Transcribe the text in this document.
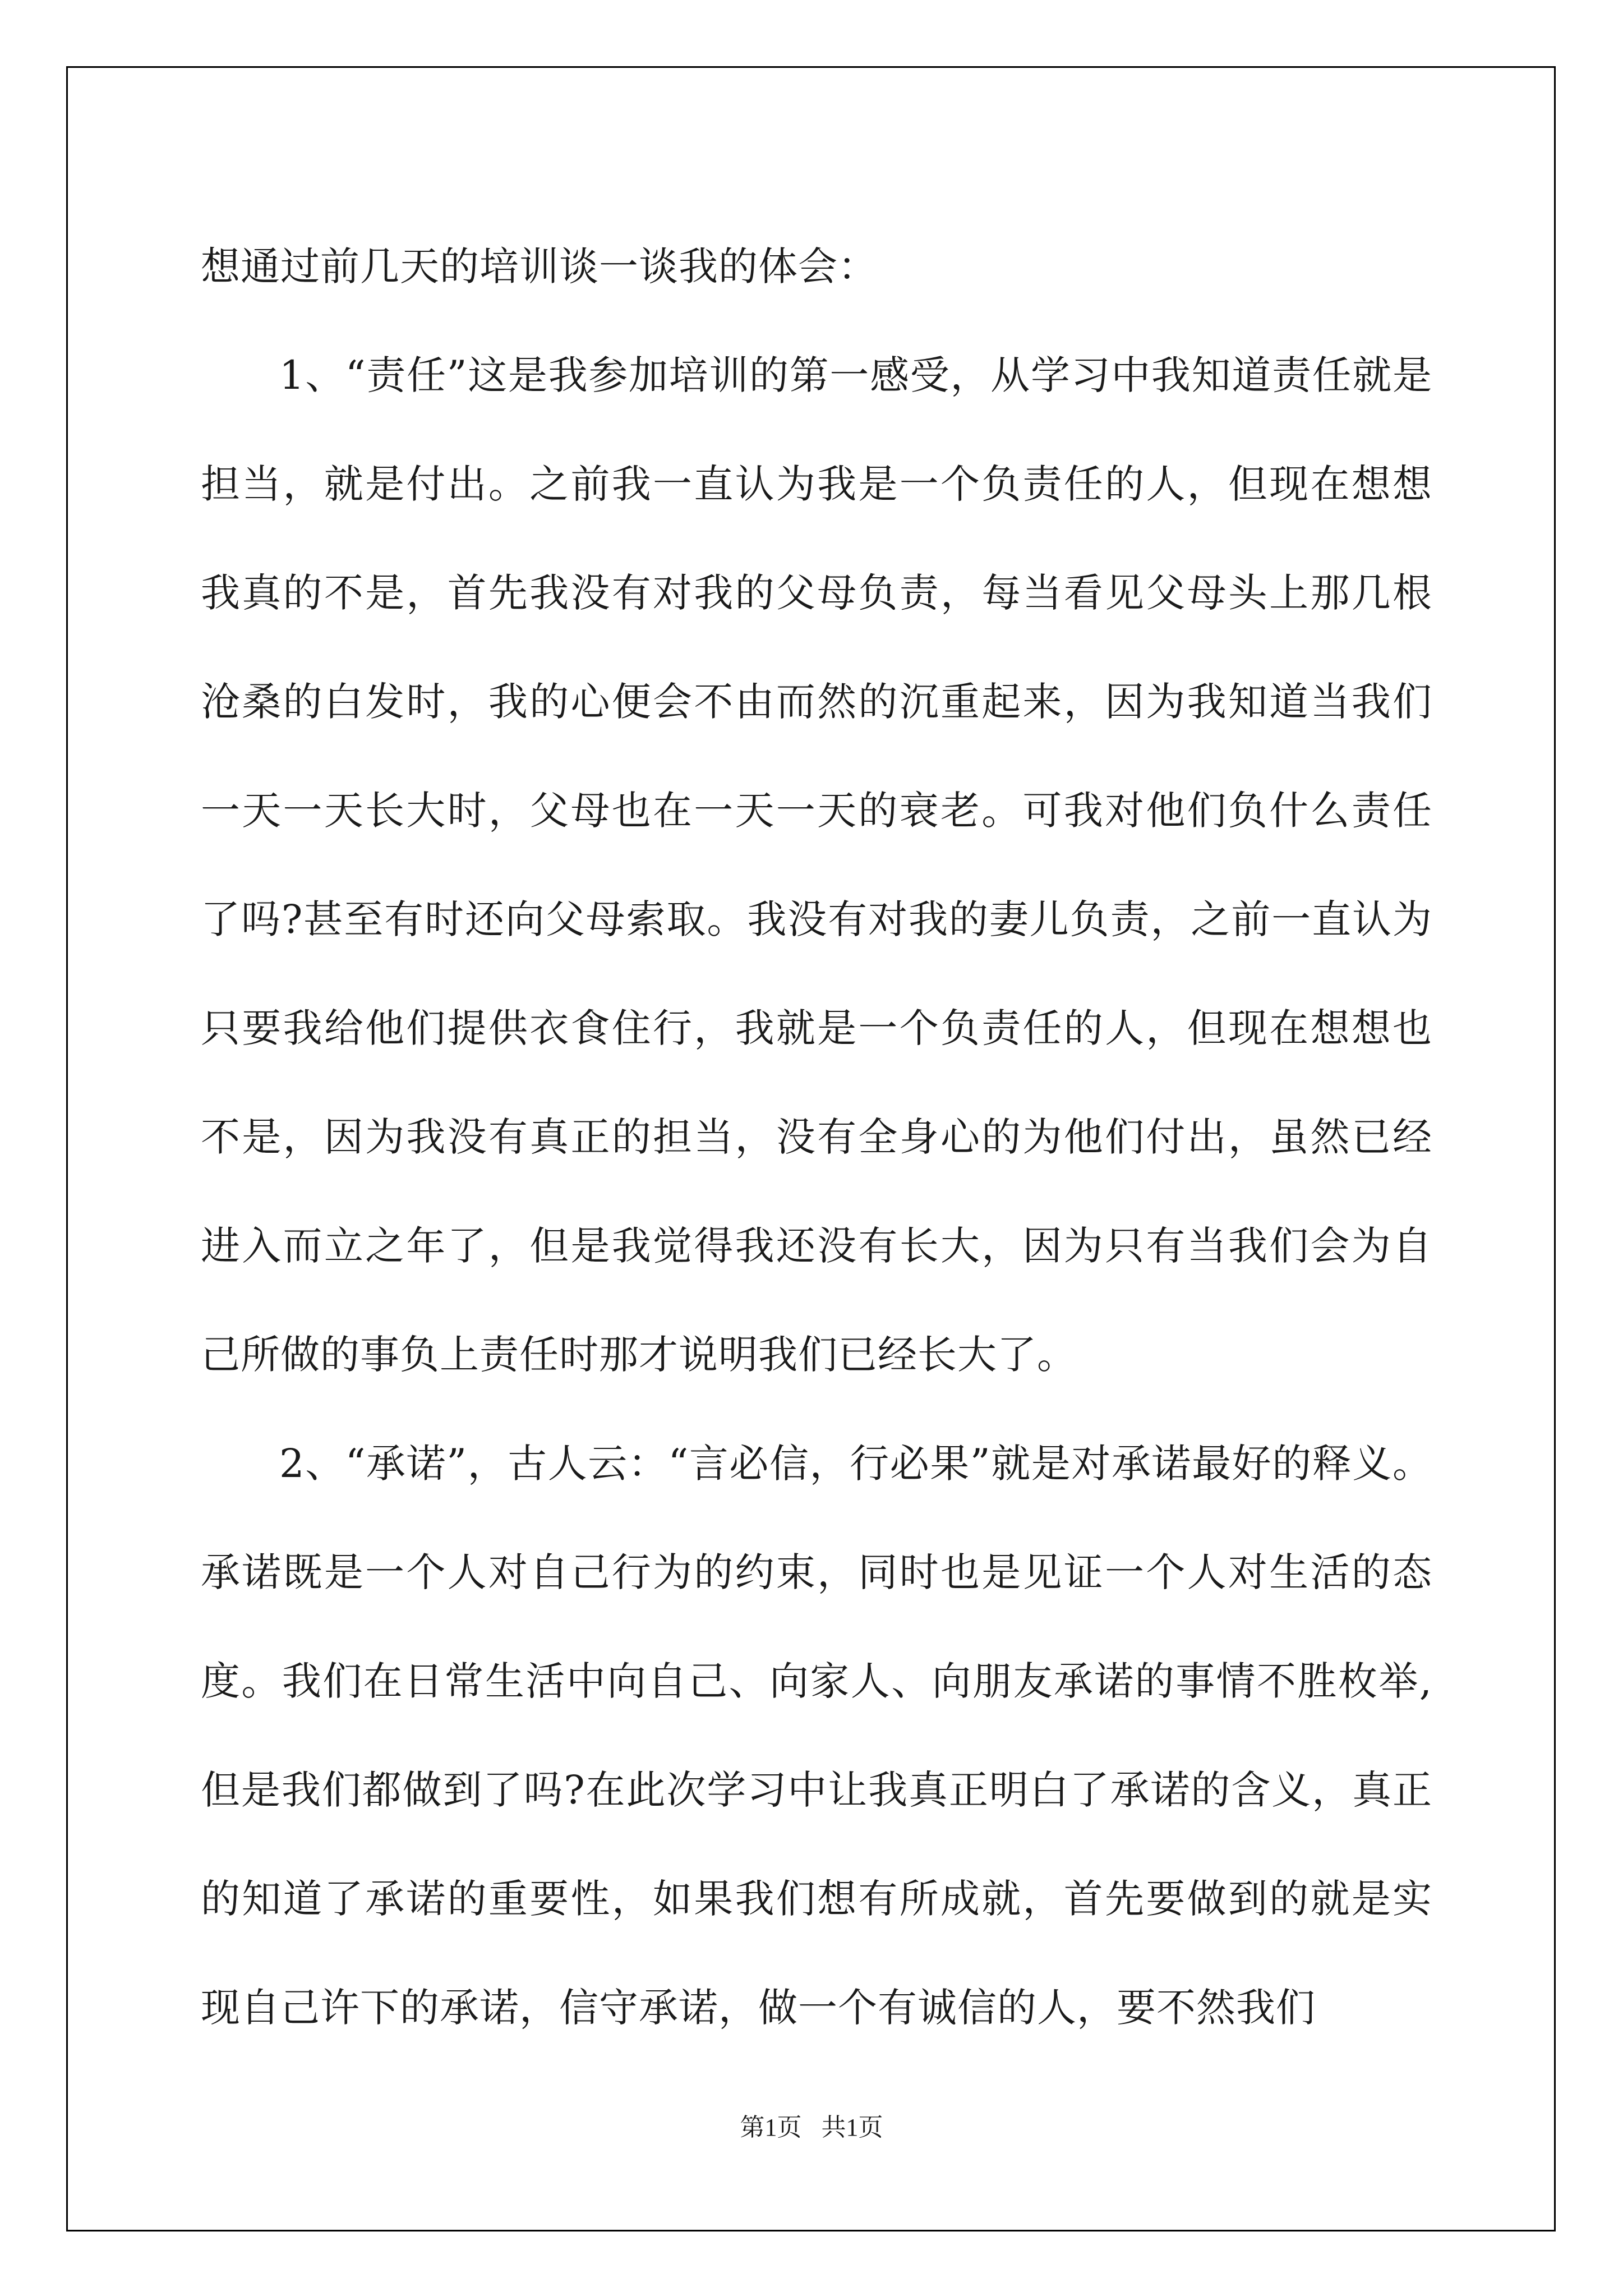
想通过前几天的培训谈一谈我的体会：

1、“责任”这是我参加培训的第一感受，从学习中我知道责任就是担当，就是付出。之前我一直认为我是一个负责任的人，但现在想想我真的不是，首先我没有对我的父母负责，每当看见父母头上那几根沧桑的白发时，我的心便会不由而然的沉重起来，因为我知道当我们一天一天长大时，父母也在一天一天的衰老。可我对他们负什么责任了吗?甚至有时还向父母索取。我没有对我的妻儿负责，之前一直认为只要我给他们提供衣食住行，我就是一个负责任的人，但现在想想也不是，因为我没有真正的担当，没有全身心的为他们付出，虽然已经进入而立之年了，但是我觉得我还没有长大，因为只有当我们会为自己所做的事负上责任时那才说明我们已经长大了。

2、“承诺”，古人云：“言必信，行必果”就是对承诺最好的释义。承诺既是一个人对自己行为的约束，同时也是见证一个人对生活的态度。我们在日常生活中向自己、向家人、向朋友承诺的事情不胜枚举,但是我们都做到了吗?在此次学习中让我真正明白了承诺的含义，真正的知道了承诺的重要性，如果我们想有所成就，首先要做到的就是实现自己许下的承诺，信守承诺，做一个有诚信的人，要不然我们

第1页 共1页
